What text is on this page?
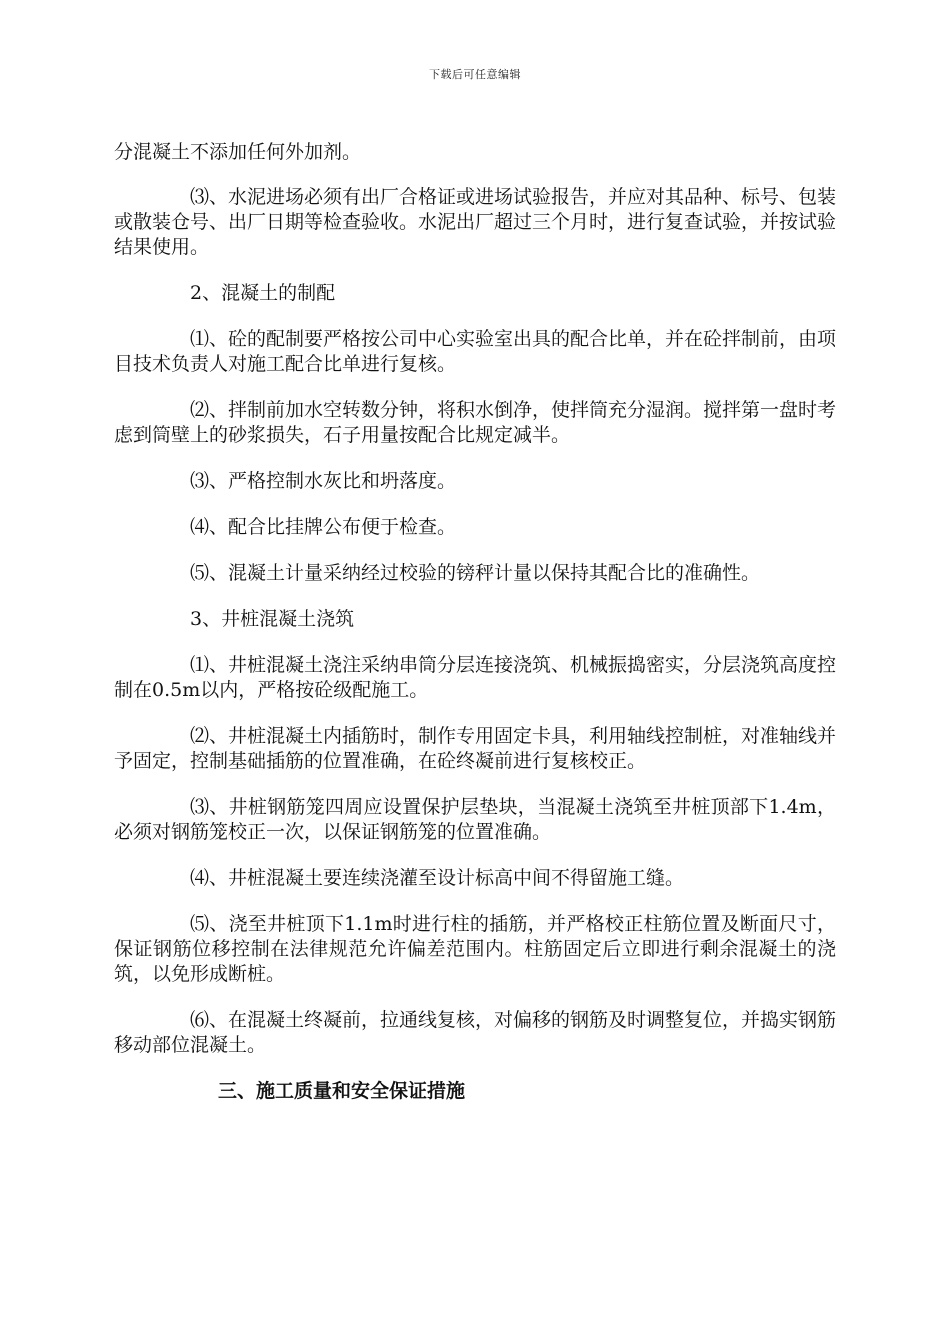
下载后可任意编辑

分混凝土不添加任何外加剂。

⑶、水泥进场必须有出厂合格证或进场试验报告，并应对其品种、标号、包装或散装仓号、出厂日期等检查验收。水泥出厂超过三个月时，进行复查试验，并按试验结果使用。

2、混凝土的制配

⑴、砼的配制要严格按公司中心实验室出具的配合比单，并在砼拌制前，由项目技术负责人对施工配合比单进行复核。

⑵、拌制前加水空转数分钟，将积水倒净，使拌筒充分湿润。搅拌第一盘时考虑到筒壁上的砂浆损失，石子用量按配合比规定减半。

⑶、严格控制水灰比和坍落度。

⑷、配合比挂牌公布便于检查。

⑸、混凝土计量采纳经过校验的镑秤计量以保持其配合比的准确性。

3、井桩混凝土浇筑

⑴、井桩混凝土浇注采纳串筒分层连接浇筑、机械振捣密实，分层浇筑高度控制在0.5m以内，严格按砼级配施工。

⑵、井桩混凝土内插筋时，制作专用固定卡具，利用轴线控制桩，对准轴线并予固定，控制基础插筋的位置准确，在砼终凝前进行复核校正。

⑶、井桩钢筋笼四周应设置保护层垫块，当混凝土浇筑至井桩顶部下1.4m，必须对钢筋笼校正一次，以保证钢筋笼的位置准确。

⑷、井桩混凝土要连续浇灌至设计标高中间不得留施工缝。

⑸、浇至井桩顶下1.1m时进行柱的插筋，并严格校正柱筋位置及断面尺寸，保证钢筋位移控制在法律规范允许偏差范围内。柱筋固定后立即进行剩余混凝土的浇筑，以免形成断桩。

⑹、在混凝土终凝前，拉通线复核，对偏移的钢筋及时调整复位，并捣实钢筋移动部位混凝土。

三、施工质量和安全保证措施
